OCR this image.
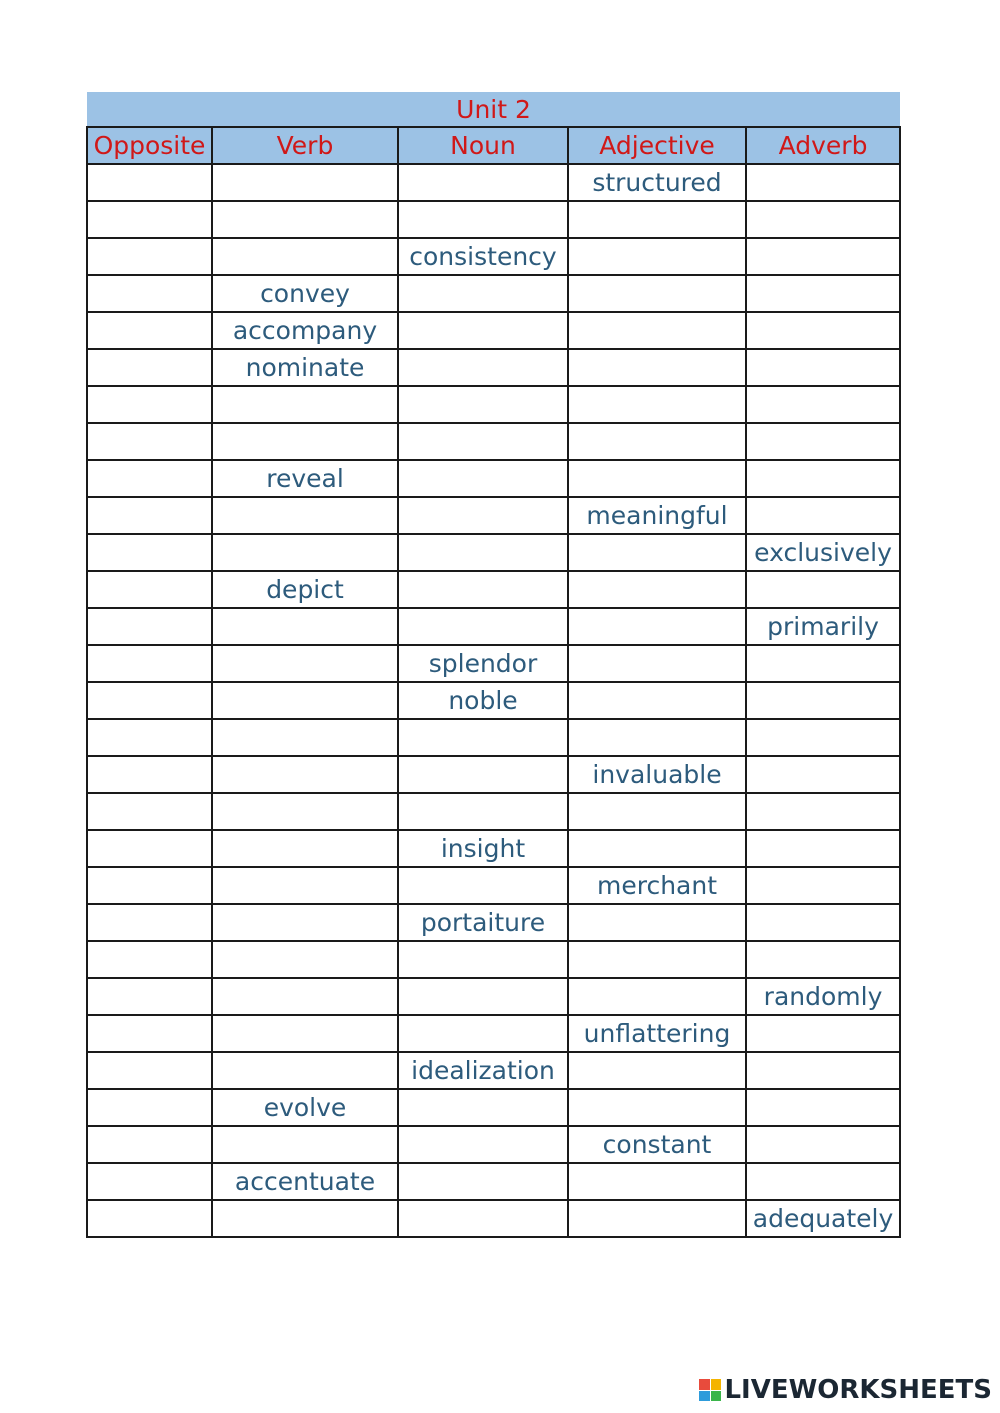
Unit 2				
Opposite	Verb	Noun	Adjective	Adverb
			structured	

		consistency		
	convey			
	accompany			
	nominate			

	reveal			
			meaningful	
				exclusively
	depict			
				primarily
		splendor		
		noble		

			invaluable	

		insight		
			merchant	
		portaiture		

				randomly
			unflattering	
		idealization		
	evolve			
			constant	
	accentuate			
				adequately
LIVEWORKSHEETS
